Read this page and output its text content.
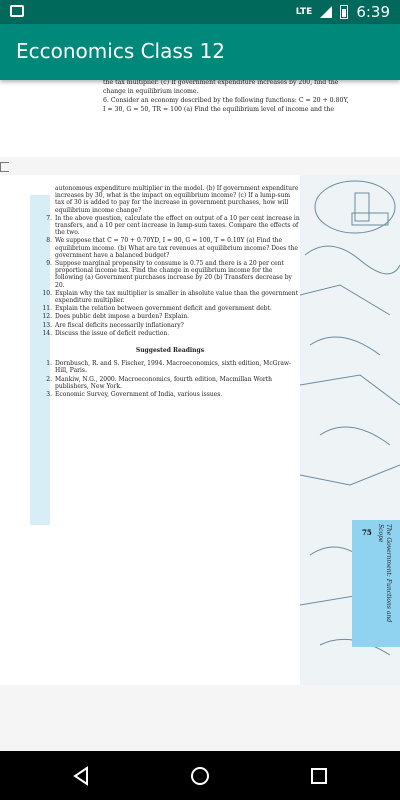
LTE	6:39
Ecconomics Class 12
the tax multiplier. (c) If government expenditure increases by 200, find the
change in equilibrium income.
6. Consider an economy described by the following functions: C = 20 + 0.80Y,
I = 30, G = 50, TR = 100 (a) Find the equilibrium level of income and the
autonomous expenditure multiplier in the model. (b) If government expenditure increases by 30, what is the impact on equilibrium income? (c) If a lump-sum tax of 30 is added to pay for the increase in government purchases, how will equilibrium income change?
7. In the above question, calculate the effect on output of a 10 per cent increase in transfers, and a 10 per cent increase in lump-sum taxes. Compare the effects of the two.
8. We suppose that C = 70 + 0.70YD, I = 90, G = 100, T = 0.10Y (a) Find the equilibrium income. (b) What are tax revenues at equilibrium income? Does the government have a balanced budget?
9. Suppose marginal propensity to consume is 0.75 and there is a 20 per cent proportional income tax. Find the change in equilibrium income for the following (a) Government purchases increase by 20 (b) Transfers decrease by 20.
10. Explain why the tax multiplier is smaller in absolute value than the government expenditure multiplier.
11. Explain the relation between government deficit and government debt.
12. Does public debt impose a burden? Explain.
13. Are fiscal deficits necessarily inflationary?
14. Discuss the issue of deficit reduction.
Suggested Readings
1. Dornbusch, R. and S. Fischer, 1994. Macroeconomics, sixth edition, McGraw-Hill, Paris.
2. Mankiw, N.G., 2000. Macroeconomics, fourth edition, Macmillan Worth publishers, New York.
3. Economic Survey, Government of India, various issues.
75	The Government: Functions and Scope
